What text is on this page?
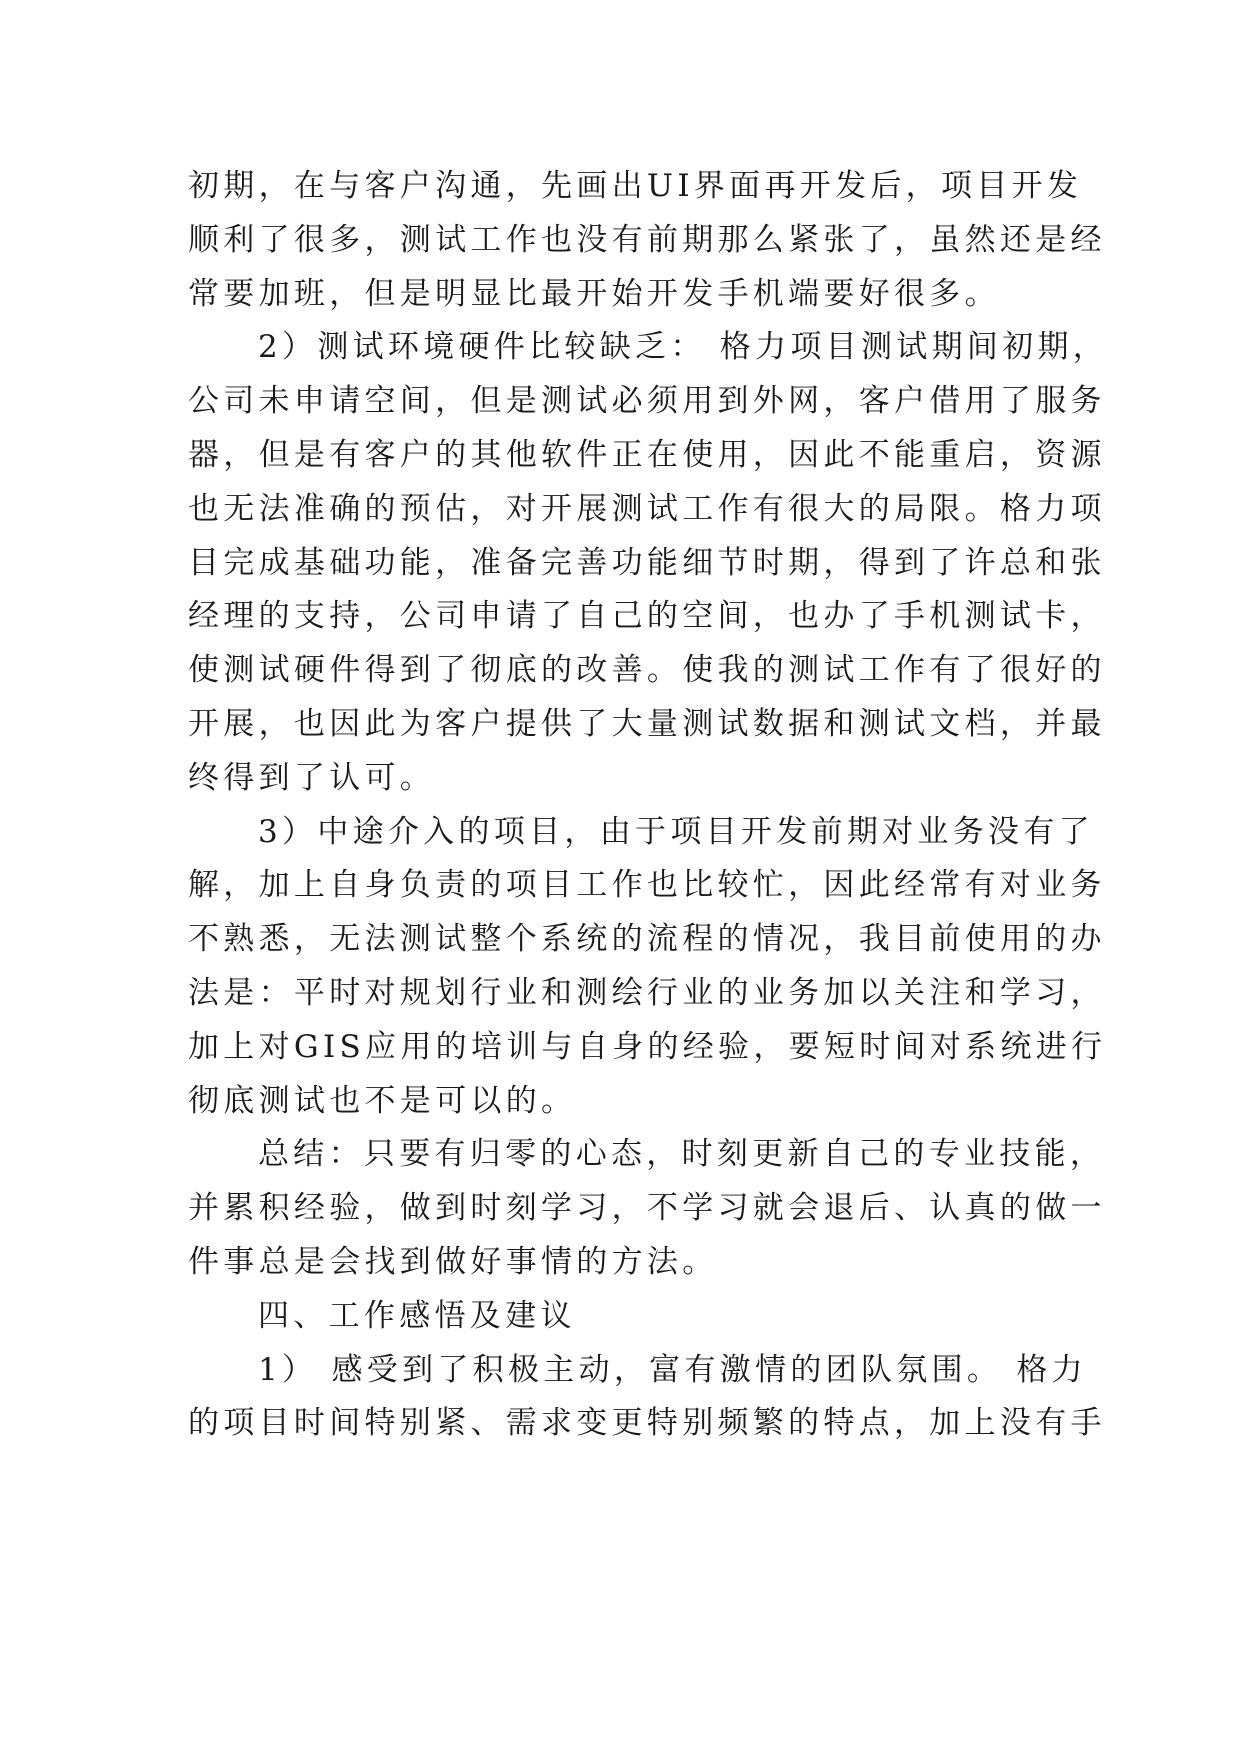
初期，在与客户沟通，先画出UI界面再开发后，项目开发
顺利了很多，测试工作也没有前期那么紧张了，虽然还是经
常要加班，但是明显比最开始开发手机端要好很多。

2）测试环境硬件比较缺乏： 格力项目测试期间初期，
公司未申请空间，但是测试必须用到外网，客户借用了服务
器，但是有客户的其他软件正在使用，因此不能重启，资源
也无法准确的预估，对开展测试工作有很大的局限。格力项
目完成基础功能，准备完善功能细节时期，得到了许总和张
经理的支持，公司申请了自己的空间，也办了手机测试卡，
使测试硬件得到了彻底的改善。使我的测试工作有了很好的
开展，也因此为客户提供了大量测试数据和测试文档，并最
终得到了认可。

3）中途介入的项目，由于项目开发前期对业务没有了
解，加上自身负责的项目工作也比较忙，因此经常有对业务
不熟悉，无法测试整个系统的流程的情况，我目前使用的办
法是：平时对规划行业和测绘行业的业务加以关注和学习，
加上对GIS应用的培训与自身的经验，要短时间对系统进行
彻底测试也不是可以的。

总结：只要有归零的心态，时刻更新自己的专业技能，
并累积经验，做到时刻学习，不学习就会退后、认真的做一
件事总是会找到做好事情的方法。

四、工作感悟及建议

1） 感受到了积极主动，富有激情的团队氛围。 格力
的项目时间特别紧、需求变更特别频繁的特点，加上没有手
